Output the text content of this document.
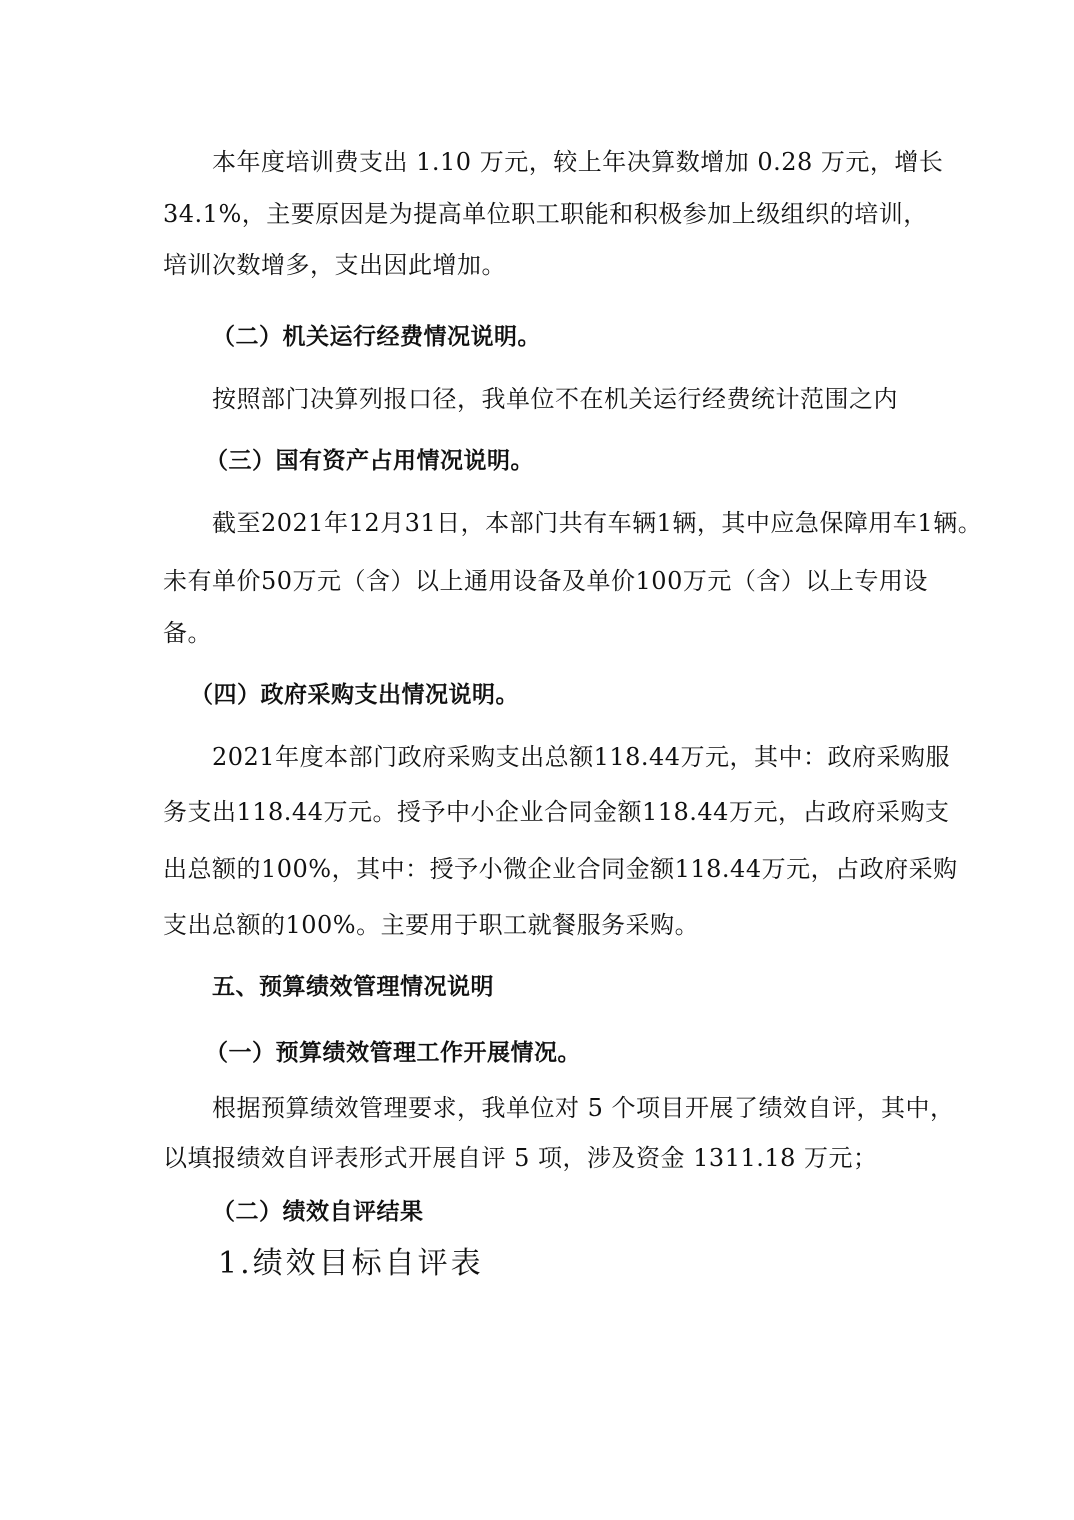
本年度培训费支出 1.10 万元，较上年决算数增加 0.28 万元，增长
34.1%，主要原因是为提高单位职工职能和积极参加上级组织的培训，
培训次数增多，支出因此增加。
（二）机关运行经费情况说明。
按照部门决算列报口径，我单位不在机关运行经费统计范围之内
（三）国有资产占用情况说明。
截至2021年12月31日，本部门共有车辆1辆，其中应急保障用车1辆。
未有单价50万元（含）以上通用设备及单价100万元（含）以上专用设
备。
（四）政府采购支出情况说明。
2021年度本部门政府采购支出总额118.44万元，其中：政府采购服
务支出118.44万元。授予中小企业合同金额118.44万元，占政府采购支
出总额的100%，其中：授予小微企业合同金额118.44万元，占政府采购
支出总额的100%。主要用于职工就餐服务采购。
五、预算绩效管理情况说明
（一）预算绩效管理工作开展情况。
根据预算绩效管理要求，我单位对 5 个项目开展了绩效自评，其中，
以填报绩效自评表形式开展自评 5 项，涉及资金 1311.18 万元；
（二）绩效自评结果
1.绩效目标自评表
